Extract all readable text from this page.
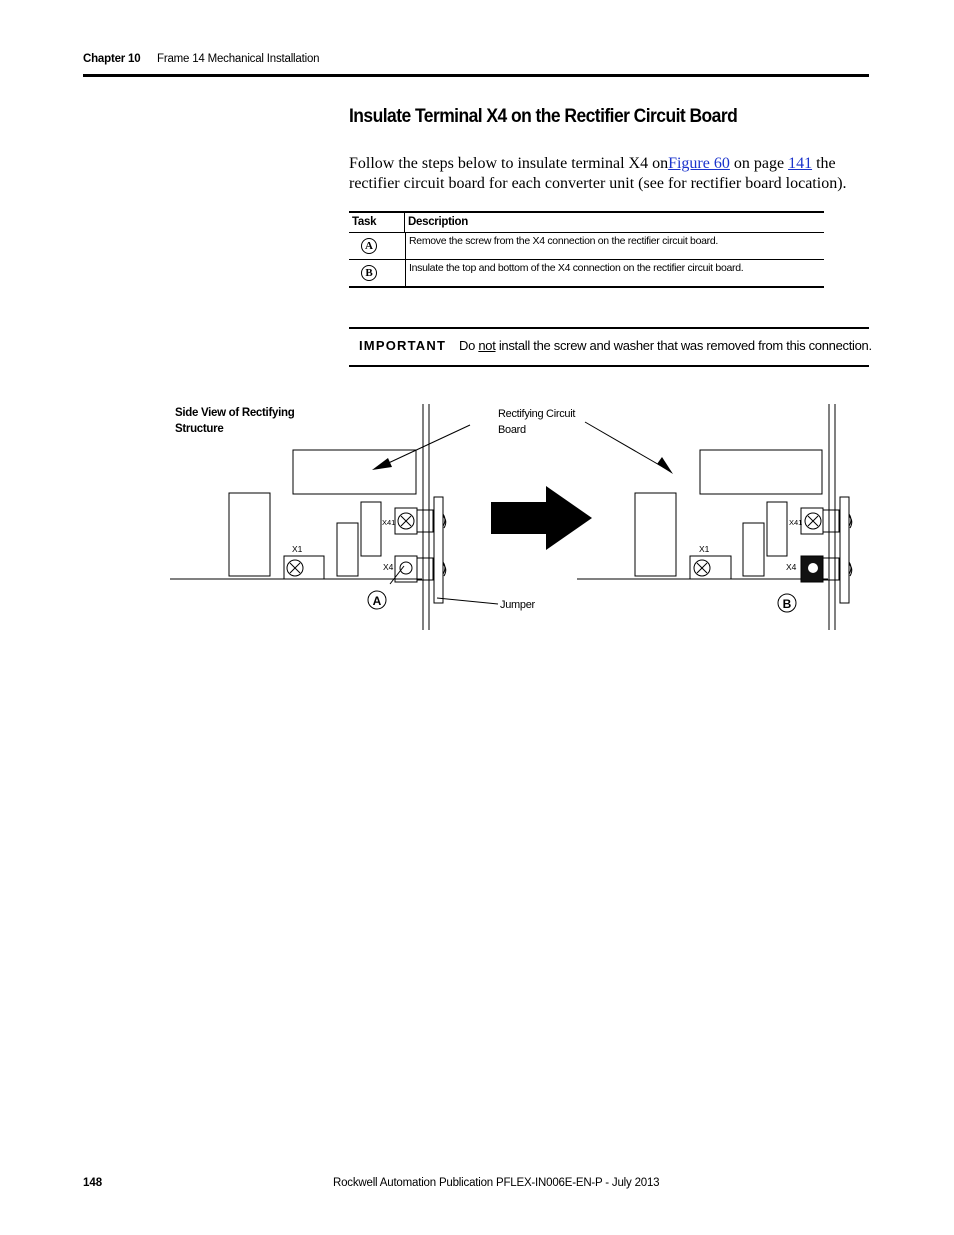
Chapter 10 Frame 14 Mechanical Installation
Insulate Terminal X4 on the Rectifier Circuit Board
Follow the steps below to insulate terminal X4 onFigure 60 on page 141 the rectifier circuit board for each converter unit (see for rectifier board location).
Task	Description
A	Remove the screw from the X4 connection on the rectifier circuit board.
B	Insulate the top and bottom of the X4 connection on the rectifier circuit board.
IMPORTANT Do not install the screw and washer that was removed from this connection.
Side View of Rectifying
Structure
Rectifying Circuit
Board
Jumper
X41
X1
X4
A
X41
X1
X4
B
148	Rockwell Automation Publication PFLEX-IN006E-EN-P - July 2013
